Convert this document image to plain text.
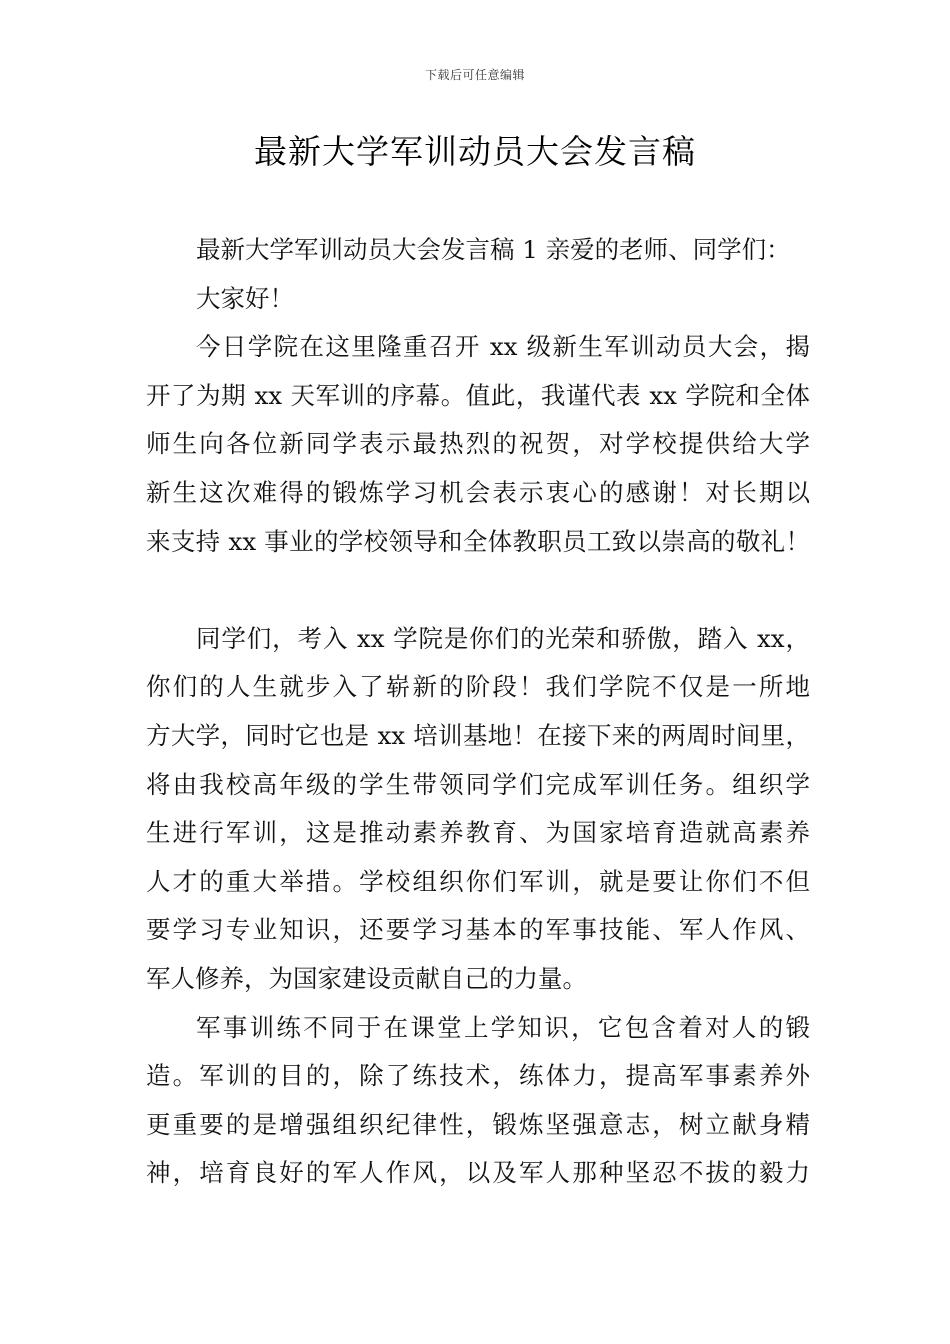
下载后可任意编辑
最新大学军训动员大会发言稿
最新大学军训动员大会发言稿 1 亲爱的老师、同学们：
大家好！
今日学院在这里隆重召开 xx 级新生军训动员大会，揭
开了为期 xx 天军训的序幕。值此，我谨代表 xx 学院和全体
师生向各位新同学表示最热烈的祝贺，对学校提供给大学
新生这次难得的锻炼学习机会表示衷心的感谢！对长期以
来支持 xx 事业的学校领导和全体教职员工致以崇高的敬礼！
同学们，考入 xx 学院是你们的光荣和骄傲，踏入 xx，
你们的人生就步入了崭新的阶段！我们学院不仅是一所地
方大学，同时它也是 xx 培训基地！在接下来的两周时间里，
将由我校高年级的学生带领同学们完成军训任务。组织学
生进行军训，这是推动素养教育、为国家培育造就高素养
人才的重大举措。学校组织你们军训，就是要让你们不但
要学习专业知识，还要学习基本的军事技能、军人作风、
军人修养，为国家建设贡献自己的力量。
军事训练不同于在课堂上学知识，它包含着对人的锻
造。军训的目的，除了练技术，练体力，提高军事素养外
更重要的是增强组织纪律性，锻炼坚强意志，树立献身精
神，培育良好的军人作风，以及军人那种坚忍不拔的毅力
